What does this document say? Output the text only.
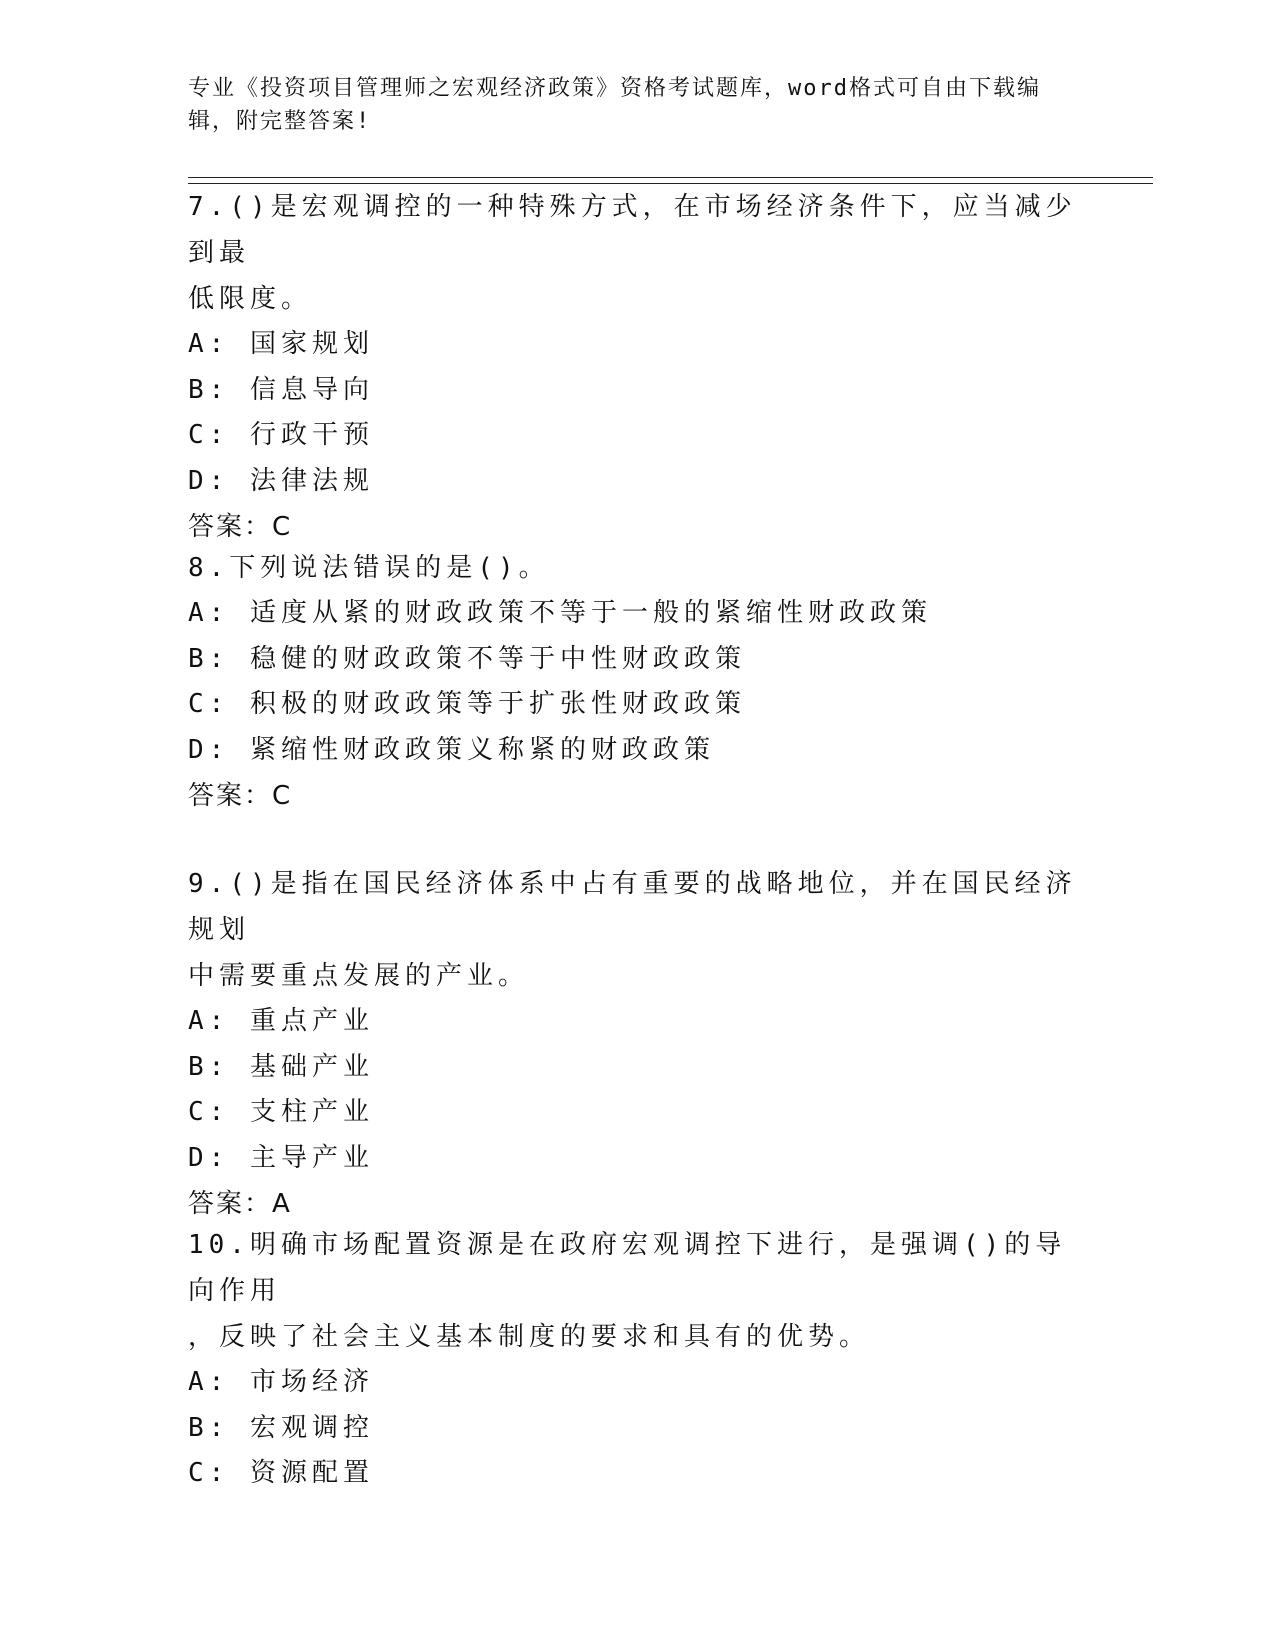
专业《投资项目管理师之宏观经济政策》资格考试题库，word格式可自由下载编
辑，附完整答案!
7.()是宏观调控的一种特殊方式，在市场经济条件下，应当减少到最
低限度。
A: 国家规划
B: 信息导向
C: 行政干预
D: 法律法规
答案：C
8.下列说法错误的是()。
A: 适度从紧的财政政策不等于一般的紧缩性财政政策
B: 稳健的财政政策不等于中性财政政策
C: 积极的财政政策等于扩张性财政政策
D: 紧缩性财政政策义称紧的财政政策
答案：C
9.()是指在国民经济体系中占有重要的战略地位，并在国民经济规划
中需要重点发展的产业。
A: 重点产业
B: 基础产业
C: 支柱产业
D: 主导产业
答案：A
10.明确市场配置资源是在政府宏观调控下进行，是强调()的导向作用
，反映了社会主义基本制度的要求和具有的优势。
A: 市场经济
B: 宏观调控
C: 资源配置
